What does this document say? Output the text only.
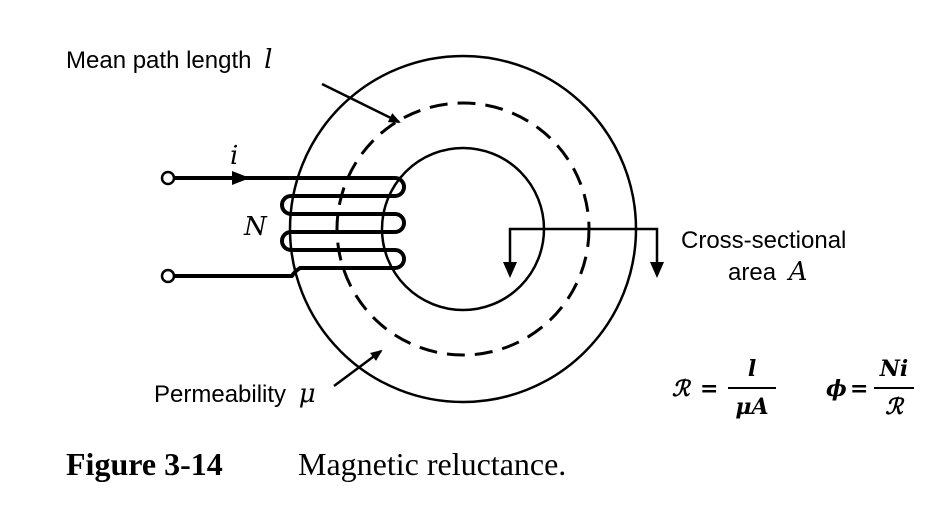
Mean path length l
i
N	Cross-sectional
area A
Permeability μ	ℛ =
l
μA
ϕ =
Ni
ℛ
Figure 3-14 Magnetic reluctance.
